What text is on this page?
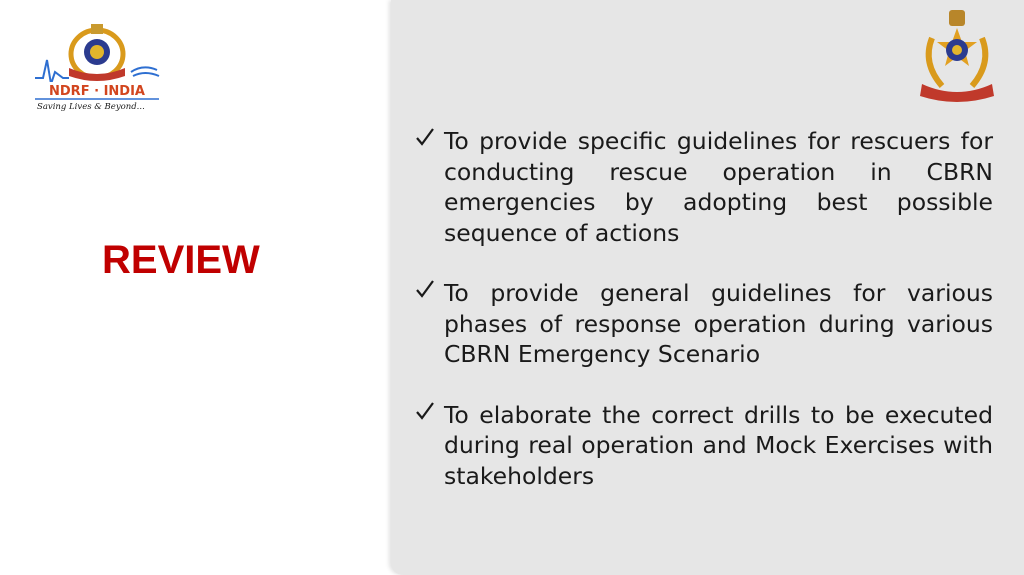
NDRF · INDIA
Saving Lives & Beyond...
REVIEW

To provide specific guidelines for rescuers for conducting rescue operation in CBRN emergencies by adopting best possible sequence of actions

To provide general guidelines for various phases of response operation during various CBRN Emergency Scenario

To elaborate the correct drills to be executed during real operation and Mock Exercises with stakeholders
